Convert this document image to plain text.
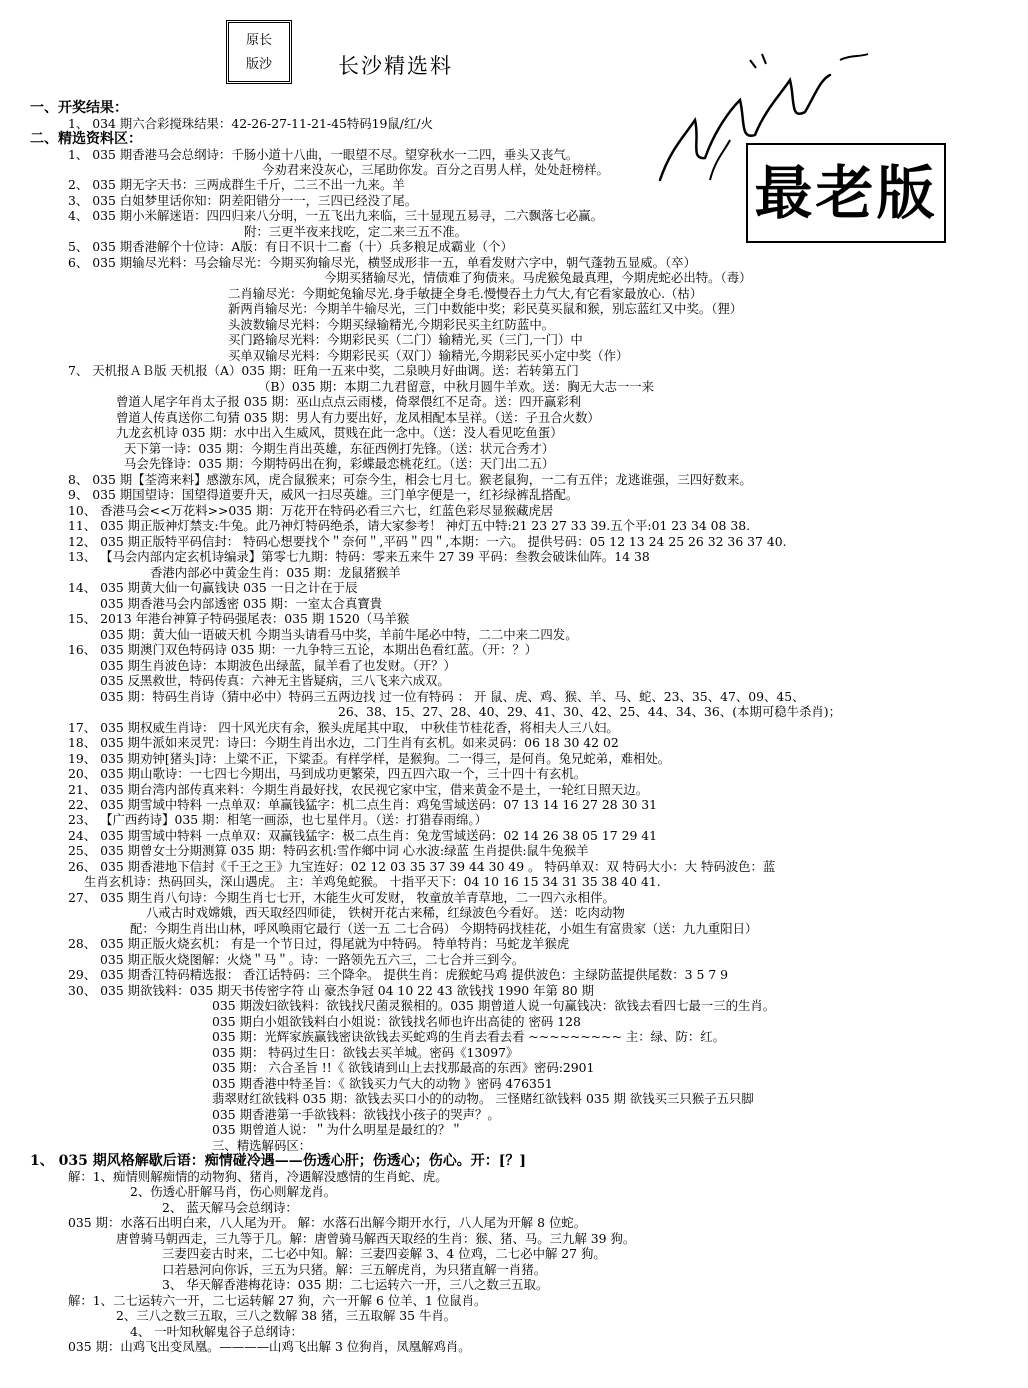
原长
版沙	长沙精选料
最老版
一、开奖结果：
1、 034 期六合彩搅珠结果：42-26-27-11-21-45特码19鼠/红/火
二、精选资料区：
1、 035 期香港马会总纲诗：千肠小道十八曲，一眼望不尽。望穿秋水一二四，垂头又丧气。
今劝君来没灰心，三尾助你发。百分之百男人样，处处赶榜样。
2、 035 期无字天书：三两成群生千斤，二三不出一九来。羊
3、 035 白姐梦里话你知：阴差阳错分一一，三四已经没了尾。
4、 035 期小米解迷语：四四归来八分明，一五飞出九来临，三十显现五易寻，二六飘落七必赢。
附：三更半夜来找吃，定二来三五不准。
5、 035 期香港解个十位诗：A版：有日不识十二畜（十）兵多粮足成霸业（个）
6、 035 期输尽光料：马会输尽光：今期买狗输尽光，横竖成形非一五，单看发财六字中，朝气蓬勃五显威。（卒）
今期买猪输尽光，情债难了狗债来。马虎猴兔最真理，今期虎蛇必出特。（毒）
二肖输尽光：今期蛇兔输尽光.身手敏捷全身毛.慢慢吞土力气大,有它看家最放心.（枯）
新两肖输尽光：今期羊牛输尽光，三门中数能中奖；彩民莫买鼠和猴，别忘蓝红又中奖。（狸）
头波数输尽光料：今期买绿输精光,今期彩民买主红防蓝中。
买门路输尽光料：今期彩民买（二门）输精光,买（三门,一门）中
买单双输尽光料：今期彩民买（双门）输精光,今期彩民买小定中奖（作）
7、 天机报ＡＢ版 天机报（A）035 期：旺角一五来中奖，二泉映月好曲调。送：若转第五门
（B）035 期：本期二九君留意，中秋月圆牛羊欢。送：胸无大志一一来
曾道人尾字年肖太子报 035 期：巫山点点云雨楼，倚翠偎红不足奇。送：四开赢彩利
曾道人传真送你二句猜 035 期：男人有力要出好，龙凤相配本呈祥。（送：子丑合火数）
九龙玄机诗 035 期：水中出入生威风，贯贱在此一念中。（送：没人看见吃鱼蛋）
天下第一诗：035 期：今期生肖出英雄，东征西例打先锋。（送：状元合秀才）
马会先锋诗：035 期：今期特码出在狗，彩蝶最恋桃花红。（送：天门出二五）
8、 035 期【荃湾来料】感激东风，虎合鼠猴来；可奈今生，相会七月七。猴老鼠狗，一二有五伴；龙逃谁强，三四好数来。
9、 035 期国望诗：国望得道要升天，威风一扫尽英雄。三门单字便是一，红衫绿裤乱搭配。
10、 香港马会<<万花料>>035 期：万花开在特码必看三六七，红蓝色彩尽显猴藏虎居
11、 035 期正版神灯禁支:牛兔。此乃神灯特码绝杀，请大家参考！ 神灯五中特:21 23 27 33 39.五个平:01 23 34 08 38.
12、 035 期正版特平码信封： 特码心想要找个＂奈何＂,平码＂四＂,本期：一六。 提供号码：05 12 13 24 25 26 32 36 37 40.
13、 【马会内部内定玄机诗编录】第零七九期：特码：零来五来牛 27 39 平码：叁教会破诛仙阵。14 38
香港内部必中黄金生肖：035 期：龙鼠猪猴羊
14、 035 期黄大仙一句赢钱诀 035 一日之计在于辰
035 期香港马会内部透密 035 期：一室太合真寶貴
15、 2013 年港台神算子特码强尾表：035 期 1520（马羊猴
035 期：黄大仙一语破天机 今期当头请看马中奖，羊前牛尾必中特，二二中来二四发。
16、 035 期澳门双色特码诗 035 期：一九争特三五论，本期出色看红蓝。（开：？）
035 期生肖波色诗：本期波色出绿蓝，鼠羊看了也发财。（开？）
035 反黑救世，特码传真：六神无主皆疑病，三八飞来六成双。
035 期：特码生肖诗（猜中必中）特码三五两边找 过一位有特码 ： 开 鼠、虎、鸡、猴、羊、马、蛇、23、35、47、09、45、
26、38、15、27、28、40、29、41、30、42、25、44、34、36、(本期可稳牛杀肖)；
17、 035 期权威生肖诗： 四十风光庆有余，猴头虎尾其中取， 中秋佳节桂花香，将相夫人三八妇。
18、 035 期牛派如来灵咒：诗曰：今期生肖出水边，二门生肖有玄机。如来灵码：06 18 30 42 02
19、 035 期劝钟[猪头]诗：上粱不正，下粱歪。有样学样，是猴狗。二一得三，是何肖。兔兄蛇弟，难相处。
20、 035 期山歌诗：一七四七今期出，马到成功更繁荣，四五四六取一个，三十四十有玄机。
21、 035 期台湾内部传真来料：今期生肖最好找，农民视它家中宝，借来黄金不是土，一轮红日照天边。
22、 035 期雪域中特料 一点单双：单赢钱猛字：机二点生肖：鸡兔雪域送码：07 13 14 16 27 28 30 31
23、 【广西药诗】035 期：相笔一画添，也七星伴月。（送：打猎春雨绵。）
24、 035 期雪域中特料 一点单双：双赢钱猛字：极二点生肖：兔龙雪域送码：02 14 26 38 05 17 29 41
25、 035 期曾女士分期测算 035 期：特码玄机:雪作鄉中词 心水波:绿蓝 生肖提供:鼠牛兔猴羊
26、 035 期香港地下信封《千王之王》九宝连好：02 12 03 35 37 39 44 30 49 。 特码单双：双 特码大小：大 特码波色：蓝
生肖玄机诗：热码回头，深山遇虎。 主：羊鸡兔蛇猴。 十指平天下：04 10 16 15 34 31 35 38 40 41.
27、 035 期生肖八句诗：今期生肖七七开，木能生火可发财， 牧童放羊青草地，二一四六永相伴。
八戒古时戏嫦娥，西天取经四师徒， 铁树开花古来稀，红绿波色今看好。 送：吃肉动物
配：今期生肖出山林，呼风唤雨它最行（送一五 二七合码） 今期特码找桂花，小姐生有富贵家（送：九九重阳日）
28、 035 期正版火烧玄机： 有是一个节日过，得尾就为中特码。 特单特肖：马蛇龙羊猴虎
035 期正版火烧图解：火烧＂马＂。诗：一路领先五六三，二七合并三到今。
29、 035 期香江特码精选报： 香江话特码：三个降伞。 提供生肖：虎猴蛇马鸡 提供波色：主绿防蓝提供尾数：3 5 7 9
30、 035 期欲钱料：035 期天书传密字符 山 豪杰争冠 04 10 22 43 欲钱找 1990 年第 80 期
035 期泼妇欲钱料：欲钱找尺菌灵猴相的。035 期曾道人说一句赢钱决：欲钱去看四七最一三的生肖。
035 期白小姐欲钱料白小姐说：欲钱找名师也许出高徒的 密码 128
035 期：光辉家族赢钱密诀欲钱去买蛇鸡的生肖去看去看 ~~~~~~~~~ 主：绿、防：红。
035 期： 特码过生日：欲钱去买羊城。密码《13097》
035 期： 六合圣旨 !!《 欲钱请到山上去找那最高的东西》密码:2901
035 期香港中特圣旨：《 欲钱买力气大的动物 》密码 476351
翡翠财红欲钱料 035 期：欲钱去买口小的的动物。 三怪赌红欲钱料 035 期 欲钱买三只猴子五只脚
035 期香港第一手欲钱料：欲钱找小孩子的哭声？。
035 期曾道人说：＂为什么明星是最红的？＂
三、精选解码区：
1、 035 期风格解歇后语：痴情碰冷遇——伤透心肝；伤透心；伤心。开：[？]
解：1、痴情则解痴情的动物狗、猪肖，冷遇解没感情的生肖蛇、虎。
2、伤透心肝解马肖，伤心则解龙肖。
2、 蓝天解马会总纲诗：
035 期：水落石出明白来，八人尾为开。 解：水落石出解今期开水行，八人尾为开解 8 位蛇。
唐曾骑马朝西走，三九等于几。解：唐曾骑马解西天取经的生肖：猴、猪、马。三九解 39 狗。
三妻四妾古时来，二七必中知。解：三妻四妾解 3、4 位鸡，二七必中解 27 狗。
口若悬河向你诉，三五为只猪。解：三五解虎肖，为只猪直解一肖猪。
3、 华天解香港梅花诗：035 期：二七运转六一开，三八之数三五取。
解：1、二七运转六一开，二七运转解 27 狗，六一开解 6 位羊、1 位鼠肖。
2、三八之数三五取，三八之数解 38 猪，三五取解 35 牛肖。
4、 一叶知秋解鬼谷子总纲诗：
035 期：山鸡飞出变凤凰。————山鸡飞出解 3 位狗肖，凤凰解鸡肖。
